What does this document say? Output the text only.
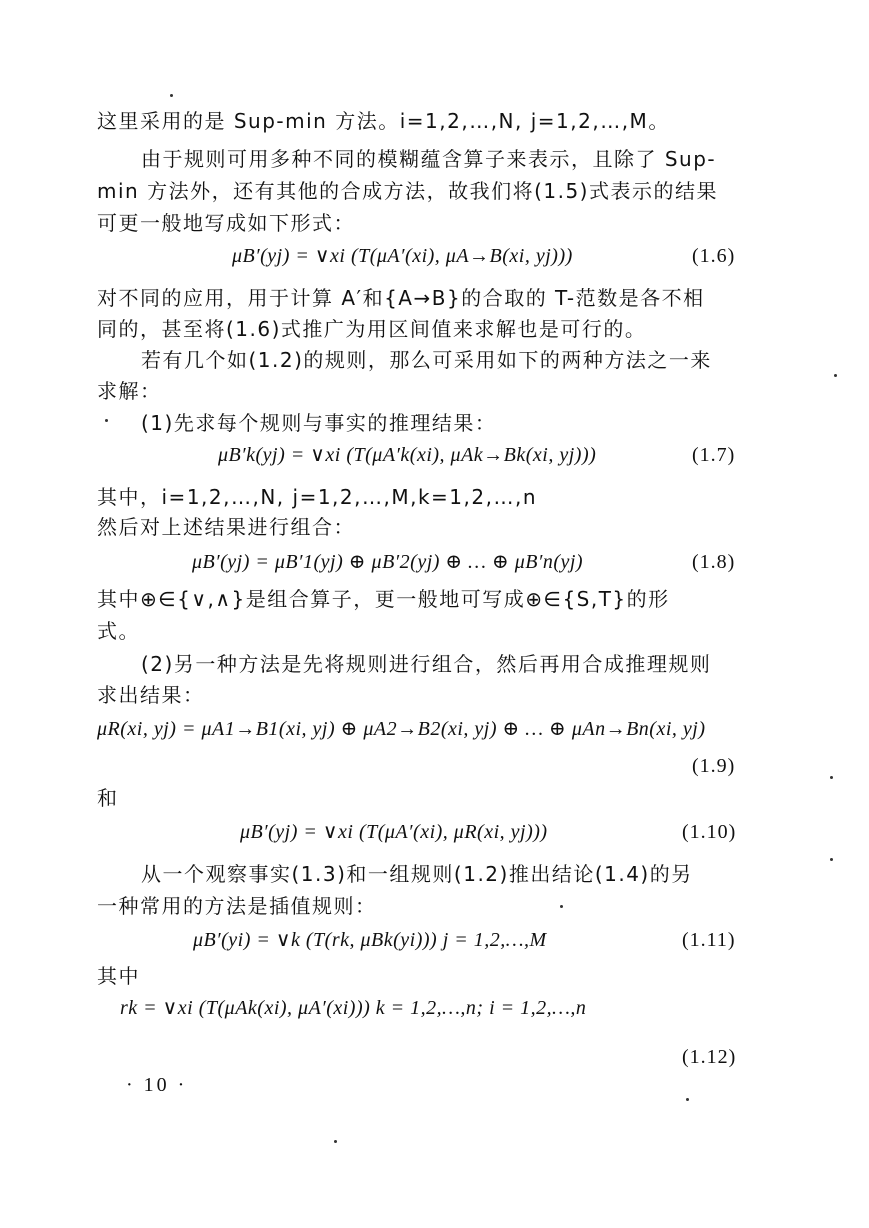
这里采用的是 Sup-min 方法。i=1,2,…,N, j=1,2,…,M。
由于规则可用多种不同的模糊蕴含算子来表示，且除了 Sup-
min 方法外，还有其他的合成方法，故我们将(1.5)式表示的结果
可更一般地写成如下形式：
μB′(yj) = ∨xi (T(μA′(xi), μA→B(xi, yj)))	(1.6)
对不同的应用，用于计算 A′和{A→B}的合取的 T-范数是各不相
同的，甚至将(1.6)式推广为用区间值来求解也是可行的。
若有几个如(1.2)的规则，那么可采用如下的两种方法之一来
求解：
(1)先求每个规则与事实的推理结果：
μB′k(yj) = ∨xi (T(μA′k(xi), μAk→Bk(xi, yj)))	(1.7)
其中，i=1,2,…,N, j=1,2,…,M,k=1,2,…,n
然后对上述结果进行组合：
μB′(yj) = μB′1(yj) ⊕ μB′2(yj) ⊕ … ⊕ μB′n(yj)	(1.8)
其中⊕∈{∨,∧}是组合算子，更一般地可写成⊕∈{S,T}的形
式。
(2)另一种方法是先将规则进行组合，然后再用合成推理规则
求出结果：
μR(xi, yj) = μA1→B1(xi, yj) ⊕ μA2→B2(xi, yj) ⊕ … ⊕ μAn→Bn(xi, yj)
(1.9)
和
μB′(yj) = ∨xi (T(μA′(xi), μR(xi, yj)))	(1.10)
从一个观察事实(1.3)和一组规则(1.2)推出结论(1.4)的另
一种常用的方法是插值规则：
μB′(yi) = ∨k (T(rk, μBk(yi))) j = 1,2,…,M	(1.11)
其中
rk = ∨xi (T(μAk(xi), μA′(xi))) k = 1,2,…,n; i = 1,2,…,n
(1.12)
· 10 ·
